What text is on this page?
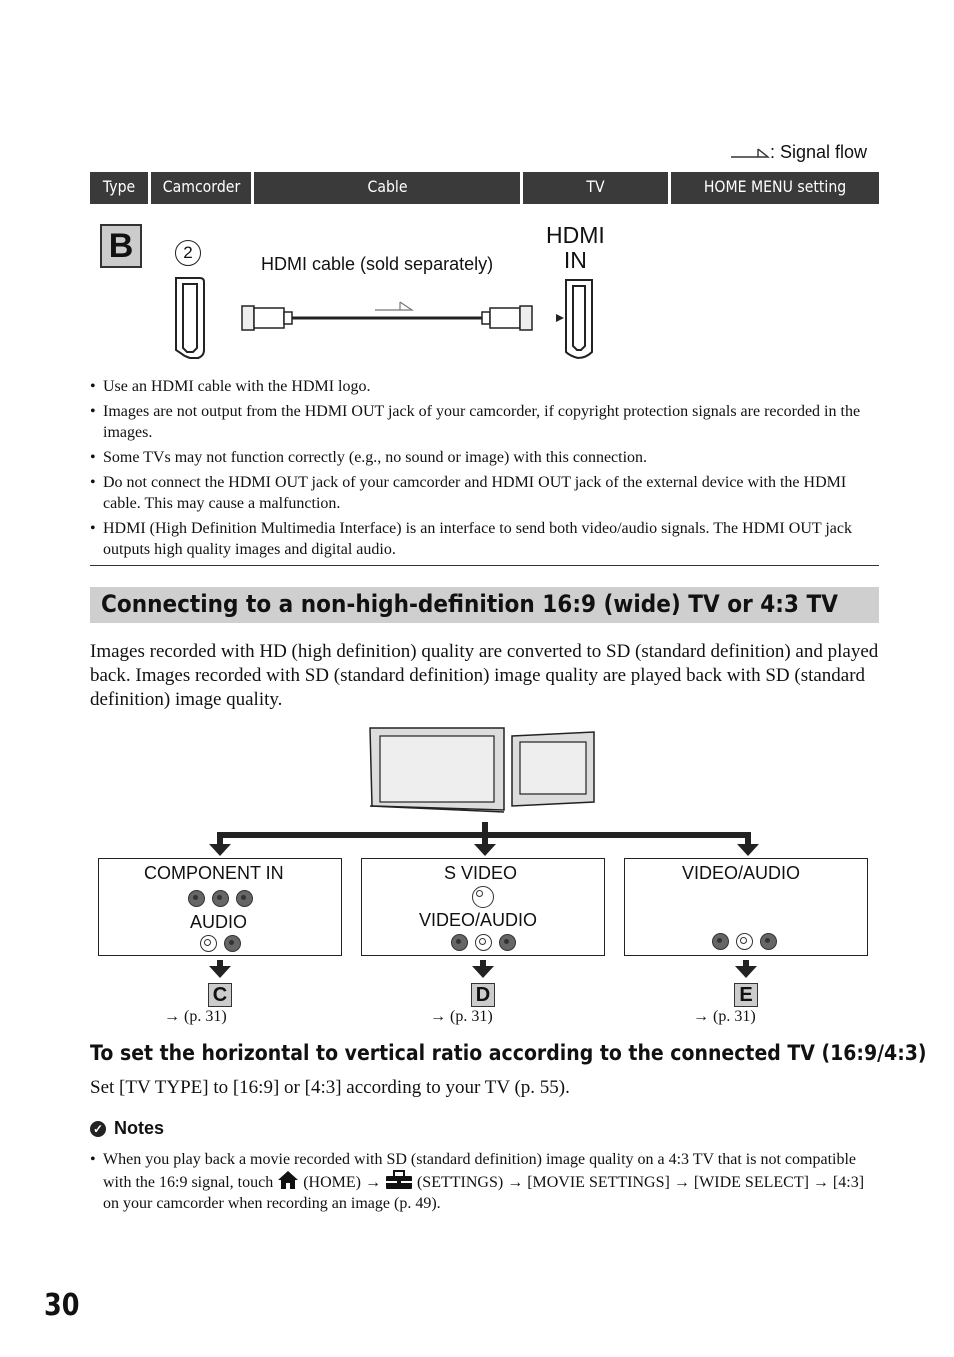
: Signal flow
Type	Camcorder	Cable	TV	HOME MENU setting
B	2
HDMI cable (sold separately)
HDMI
IN
• Use an HDMI cable with the HDMI logo.
• Images are not output from the HDMI OUT jack of your camcorder, if copyright protection signals are recorded in the images.
• Some TVs may not function correctly (e.g., no sound or image) with this connection.
• Do not connect the HDMI OUT jack of your camcorder and HDMI OUT jack of the external device with the HDMI cable. This may cause a malfunction.
• HDMI (High Definition Multimedia Interface) is an interface to send both video/audio signals. The HDMI OUT jack outputs high quality images and digital audio.
Connecting to a non-high-definition 16:9 (wide) TV or 4:3 TV
Images recorded with HD (high definition) quality are converted to SD (standard definition) and played back. Images recorded with SD (standard definition) image quality are played back with SD (standard definition) image quality.
COMPONENT IN
AUDIO
S VIDEO
VIDEO/AUDIO
VIDEO/AUDIO
C	D	E
→ (p. 31)	→ (p. 31)	→ (p. 31)
To set the horizontal to vertical ratio according to the connected TV (16:9/4:3)
Set [TV TYPE] to [16:9] or [4:3] according to your TV (p. 55).
✓ Notes
• When you play back a movie recorded with SD (standard definition) image quality on a 4:3 TV that is not compatible with the 16:9 signal, touch (HOME) → (SETTINGS) → [MOVIE SETTINGS] → [WIDE SELECT] → [4:3] on your camcorder when recording an image (p. 49).
30
